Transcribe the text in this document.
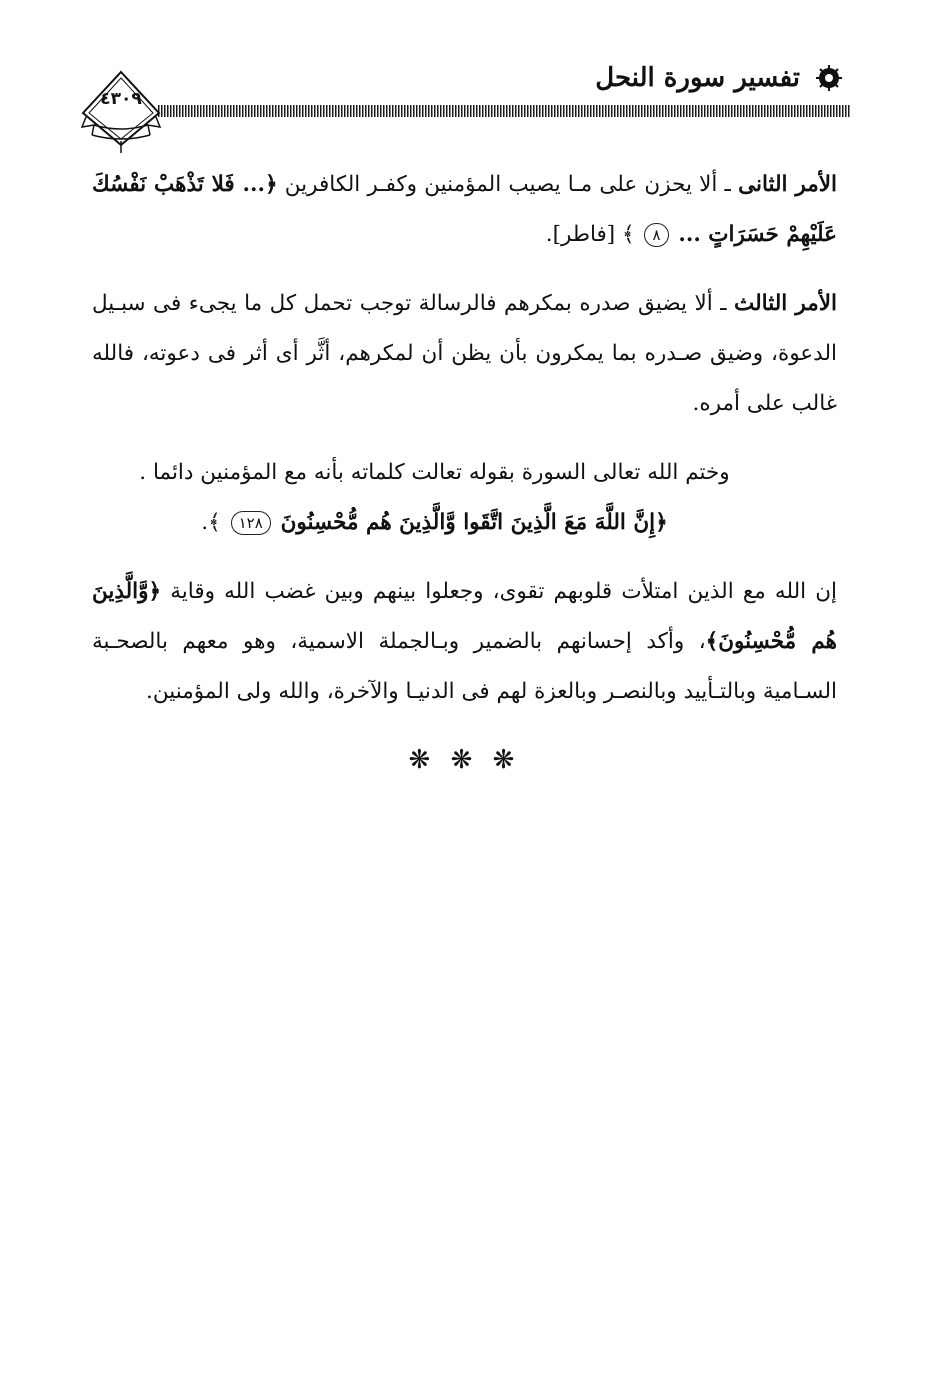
تفسير سورة النحل
٤٣٠٩

الأمر الثانى ـ ألا يحزن على مـا يصيب المؤمنين وكفـر الكافرين ﴿... فَلا تَذْهَبْ نَفْسُكَ عَلَيْهِمْ حَسَرَاتٍ ... ٨ ﴾ [فاطر].

الأمر الثالث ـ ألا يضيق صدره بمكرهم فالرسالة توجب تحمل كل ما يجىء فى سبـيل الدعوة، وضيق صـدره بما يمكرون بأن يظن أن لمكرهم، أثَّر أى أثر فى دعوته، فالله غالب على أمره.

وختم الله تعالى السورة بقوله تعالت كلماته بأنه مع المؤمنين دائما .

﴿إِنَّ اللَّهَ مَعَ الَّذِينَ اتَّقَوا وَّالَّذِينَ هُم مُّحْسِنُونَ ١٢٨ ﴾.

إن الله مع الذين امتلأت قلوبهم تقوى، وجعلوا بينهم وبين غضب الله وقاية ﴿وَّالَّذِينَ هُم مُّحْسِنُونَ﴾، وأكد إحسانهم بالضمير وبـالجملة الاسمية، وهو معهم بالصحـبة السـامية وبالتـأييد وبالنصـر وبالعزة لهم فى الدنيـا والآخرة، والله ولى المؤمنين.

❋ ❋ ❋
